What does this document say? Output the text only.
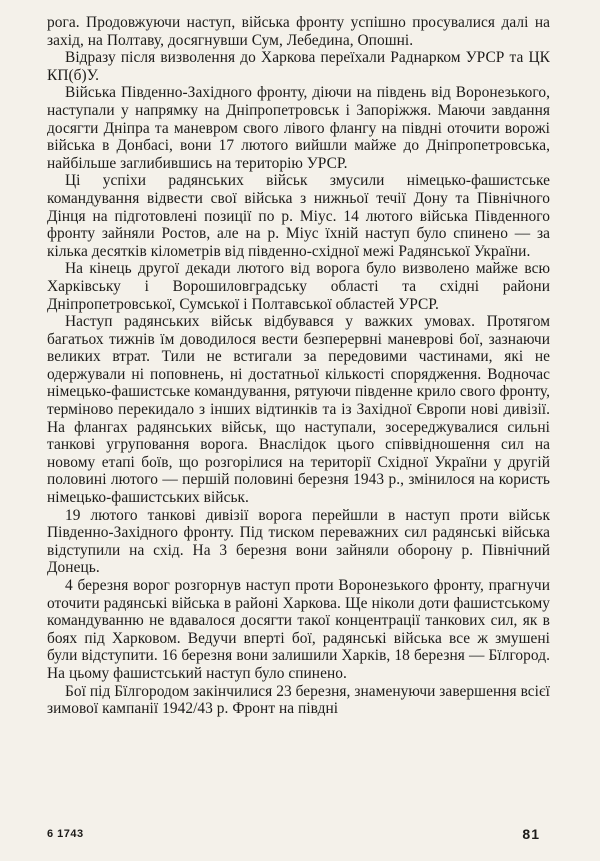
рога. Продовжуючи наступ, війська фронту успішно просувалися далі на захід, на Полтаву, досягнувши Сум, Лебедина, Опошні.

Відразу після визволення до Харкова переїхали Раднарком УРСР та ЦК КП(б)У.

Війська Південно-Західного фронту, діючи на південь від Воронезького, наступали у напрямку на Дніпропетровськ і Запоріжжя. Маючи завдання досягти Дніпра та маневром свого лівого флангу на півдні оточити ворожі війська в Донбасі, вони 17 лютого вийшли майже до Дніпропетровська, найбільше заглибившись на територію УРСР.

Ці успіхи радянських військ змусили німецько-фашистське командування відвести свої війська з нижньої течії Дону та Північного Дінця на підготовлені позиції по р. Міус. 14 лютого війська Південного фронту зайняли Ростов, але на р. Міус їхній наступ було спинено — за кілька десятків кілометрів від південно-східної межі Радянської України.

На кінець другої декади лютого від ворога було визволено майже всю Харківську і Ворошиловградську області та східні райони Дніпропетровської, Сумської і Полтавської областей УРСР.

Наступ радянських військ відбувався у важких умовах. Протягом багатьох тижнів їм доводилося вести безперервні маневрові бої, зазнаючи великих втрат. Тили не встигали за передовими частинами, які не одержували ні поповнень, ні достатньої кількості спорядження. Водночас німецько-фашистське командування, рятуючи південне крило свого фронту, терміново перекидало з інших відтинків та із Західної Європи нові дивізії. На флангах радянських військ, що наступали, зосереджувалися сильні танкові угруповання ворога. Внаслідок цього співвідношення сил на новому етапі боїв, що розгорілися на території Східної України у другій половині лютого — першій половині березня 1943 р., змінилося на користь німецько-фашистських військ.

19 лютого танкові дивізії ворога перейшли в наступ проти військ Південно-Західного фронту. Під тиском переважних сил радянські війська відступили на схід. На 3 березня вони зайняли оборону р. Північний Донець.

4 березня ворог розгорнув наступ проти Воронезького фронту, прагнучи оточити радянські війська в районі Харкова. Ще ніколи доти фашистському командуванню не вдавалося досягти такої концентрації танкових сил, як в боях під Харковом. Ведучи вперті бої, радянські війська все ж змушені були відступити. 16 березня вони залишили Харків, 18 березня — Бїлгород. На цьому фашистський наступ було спинено.

Бої під Бїлгородом закінчилися 23 березня, знаменуючи завершення всієї зимової кампанії 1942/43 р. Фронт на півдні

6 1743	81
